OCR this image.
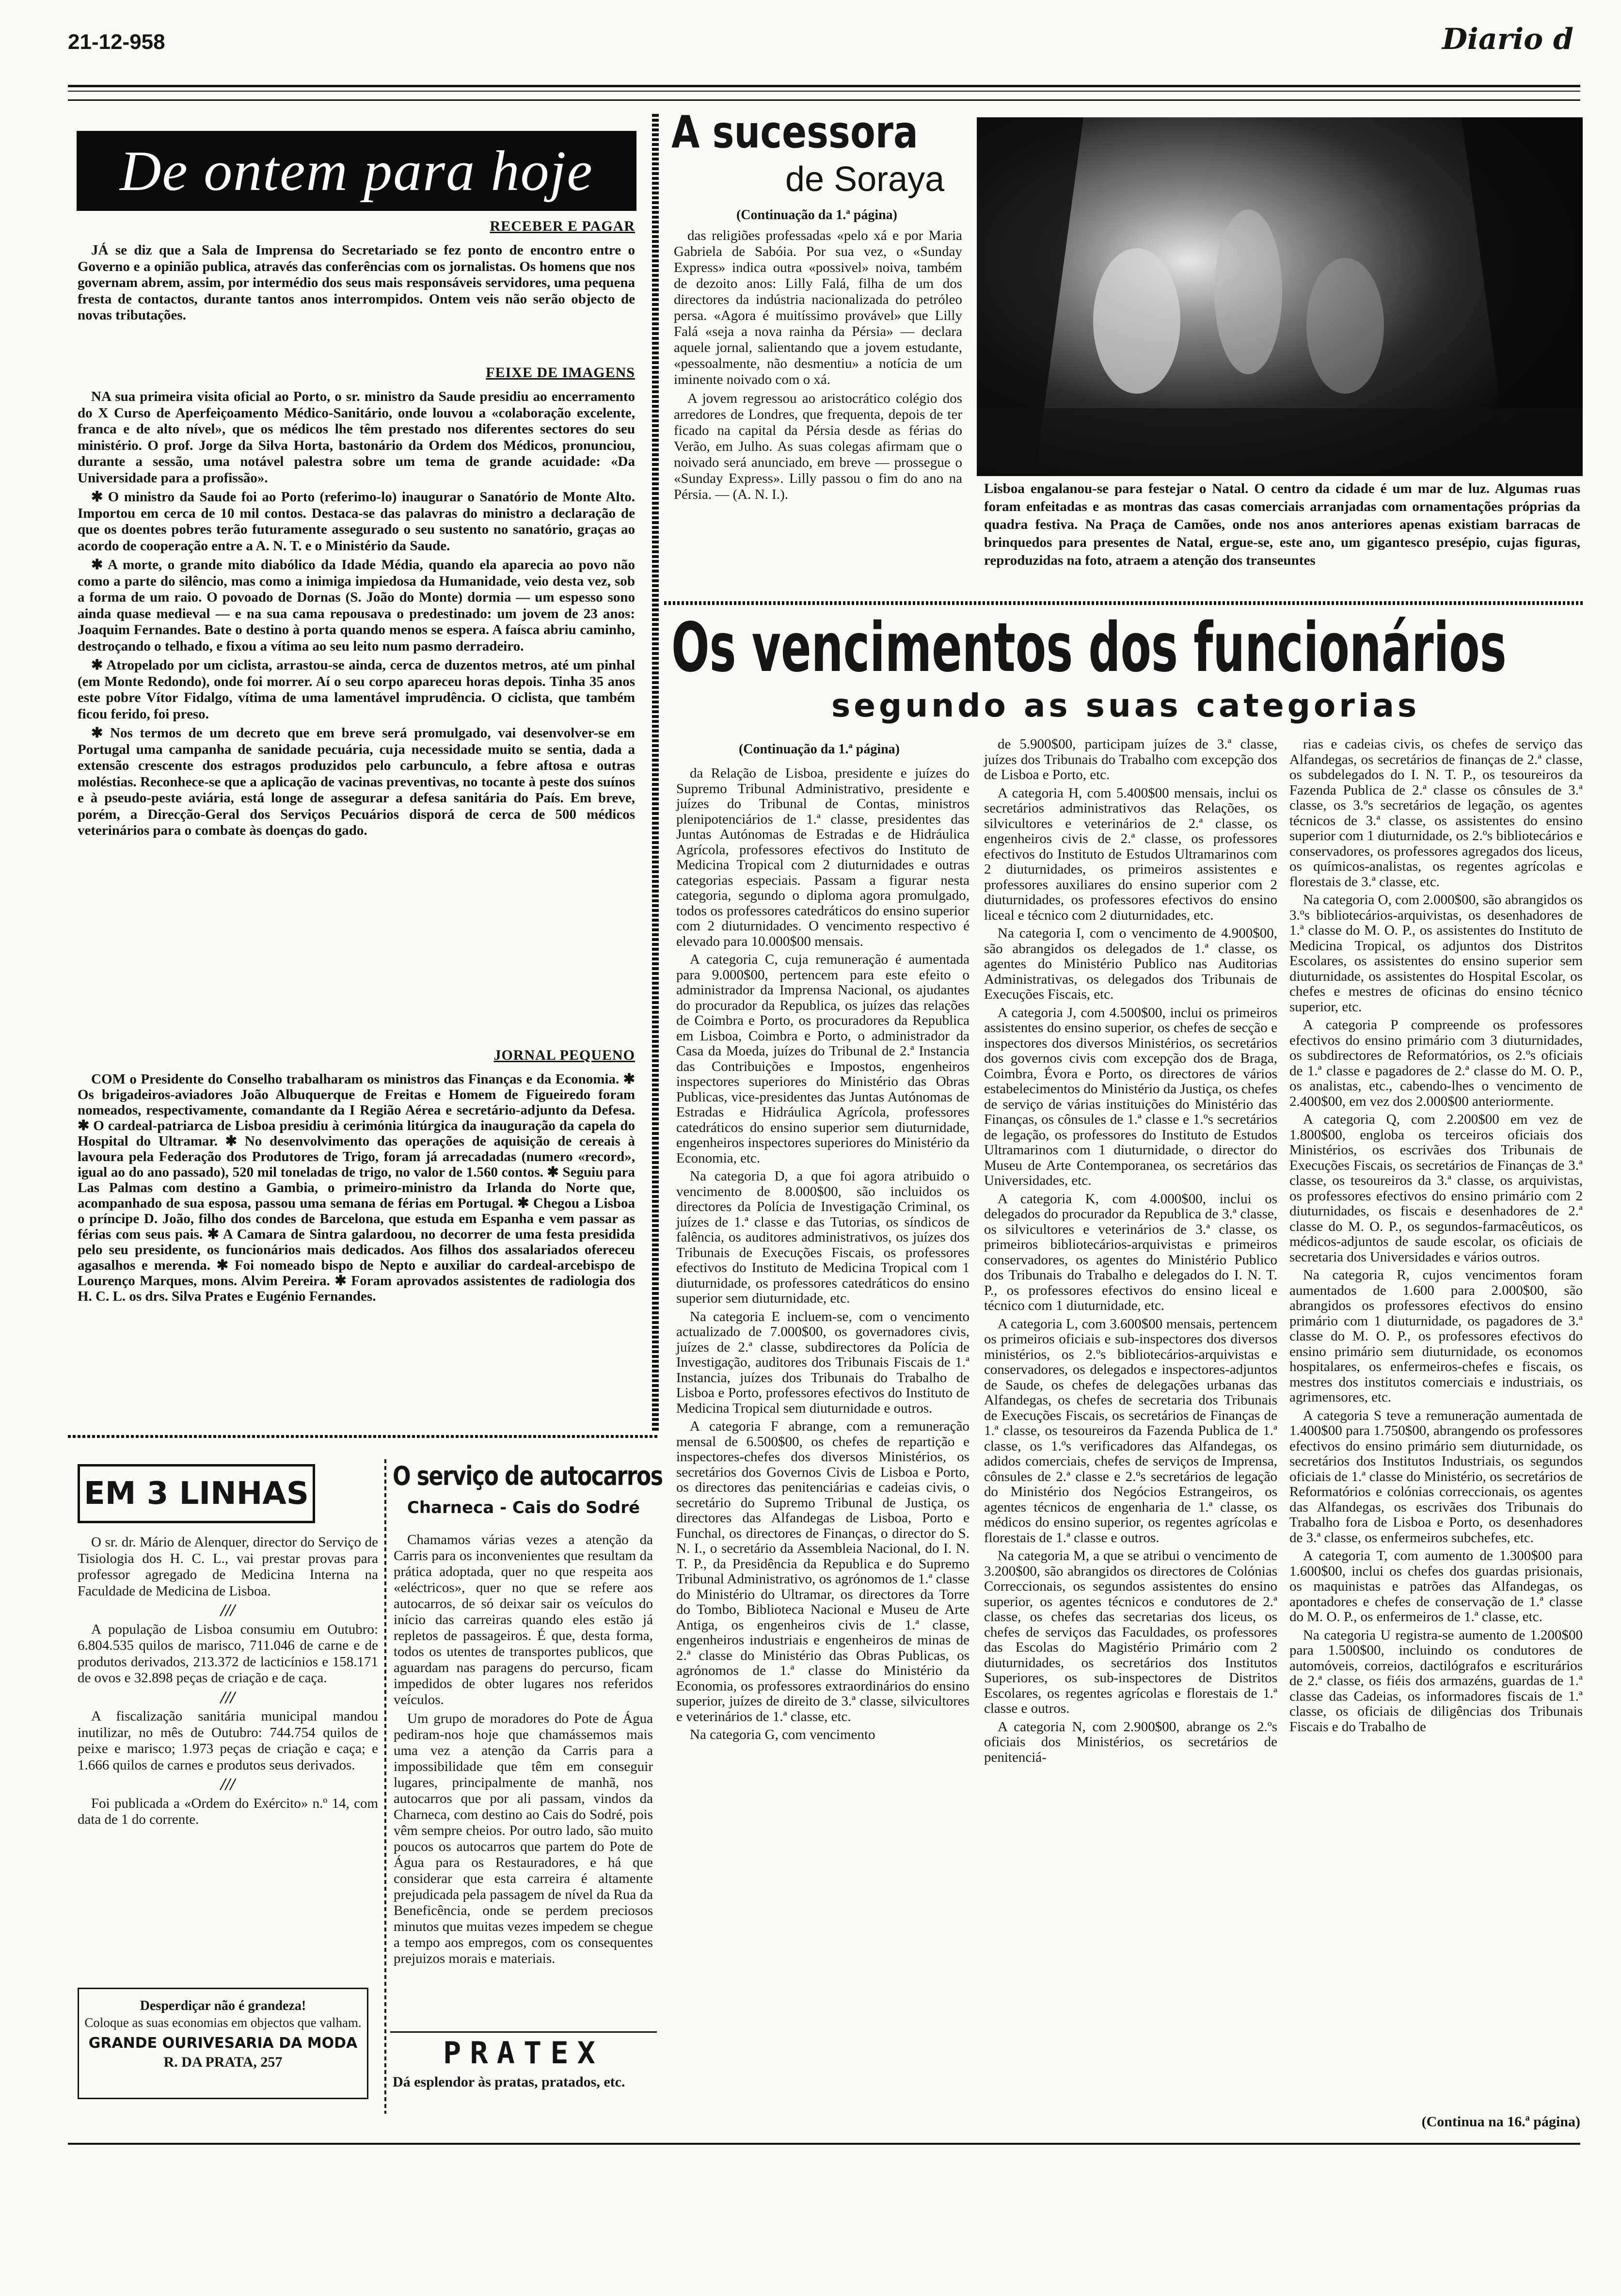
21-12-958	Diario d
De ontem para hoje
RECEBER E PAGAR

JÁ se diz que a Sala de Imprensa do Secretariado se fez ponto de encontro entre o Governo e a opinião publica, através das conferências com os jornalistas. Os homens que nos governam abrem, assim, por intermédio dos seus mais responsáveis servidores, uma pequena fresta de contactos, durante tantos anos interrompidos. Ontem veis não serão objecto de novas tributações.

FEIXE DE IMAGENS

NA sua primeira visita oficial ao Porto, o sr. ministro da Saude presidiu ao encerramento do X Curso de Aperfeiçoamento Médico-Sanitário, onde louvou a «colaboração excelente, franca e de alto nível», que os médicos lhe têm prestado nos diferentes sectores do seu ministério. O prof. Jorge da Silva Horta, bastonário da Ordem dos Médicos, pronunciou, durante a sessão, uma notável palestra sobre um tema de grande acuidade: «Da Universidade para a profissão».

✱ O ministro da Saude foi ao Porto (referimo-lo) inaugurar o Sanatório de Monte Alto. Importou em cerca de 10 mil contos. Destaca-se das palavras do ministro a declaração de que os doentes pobres terão futuramente assegurado o seu sustento no sanatório, graças ao acordo de cooperação entre a A. N. T. e o Ministério da Saude.

✱ A morte, o grande mito diabólico da Idade Média, quando ela aparecia ao povo não como a parte do silêncio, mas como a inimiga impiedosa da Humanidade, veio desta vez, sob a forma de um raio. O povoado de Dornas (S. João do Monte) dormia — um espesso sono ainda quase medieval — e na sua cama repousava o predestinado: um jovem de 23 anos: Joaquim Fernandes. Bate o destino à porta quando menos se espera. A faísca abriu caminho, destroçando o telhado, e fixou a vítima ao seu leito num pasmo derradeiro.

✱ Atropelado por um ciclista, arrastou-se ainda, cerca de duzentos metros, até um pinhal (em Monte Redondo), onde foi morrer. Aí o seu corpo apareceu horas depois. Tinha 35 anos este pobre Vítor Fidalgo, vítima de uma lamentável imprudência. O ciclista, que também ficou ferido, foi preso.

✱ Nos termos de um decreto que em breve será promulgado, vai desenvolver-se em Portugal uma campanha de sanidade pecuária, cuja necessidade muito se sentia, dada a extensão crescente dos estragos produzidos pelo carbunculo, a febre aftosa e outras moléstias. Reconhece-se que a aplicação de vacinas preventivas, no tocante à peste dos suínos e à pseudo-peste aviária, está longe de assegurar a defesa sanitária do País. Em breve, porém, a Direcção-Geral dos Serviços Pecuários disporá de cerca de 500 médicos veterinários para o combate às doenças do gado.

JORNAL PEQUENO

COM o Presidente do Conselho trabalharam os ministros das Finanças e da Economia. ✱ Os brigadeiros-aviadores João Albuquerque de Freitas e Homem de Figueiredo foram nomeados, respectivamente, comandante da I Região Aérea e secretário-adjunto da Defesa. ✱ O cardeal-patriarca de Lisboa presidiu à cerimónia litúrgica da inauguração da capela do Hospital do Ultramar. ✱ No desenvolvimento das operações de aquisição de cereais à lavoura pela Federação dos Produtores de Trigo, foram já arrecadadas (numero «record», igual ao do ano passado), 520 mil toneladas de trigo, no valor de 1.560 contos. ✱ Seguiu para Las Palmas com destino a Gambia, o primeiro-ministro da Irlanda do Norte que, acompanhado de sua esposa, passou uma semana de férias em Portugal. ✱ Chegou a Lisboa o príncipe D. João, filho dos condes de Barcelona, que estuda em Espanha e vem passar as férias com seus pais. ✱ A Camara de Sintra galardoou, no decorrer de uma festa presidida pelo seu presidente, os funcionários mais dedicados. Aos filhos dos assalariados ofereceu agasalhos e merenda. ✱ Foi nomeado bispo de Nepto e auxiliar do cardeal-arcebispo de Lourenço Marques, mons. Alvim Pereira. ✱ Foram aprovados assistentes de radiologia dos H. C. L. os drs. Silva Prates e Eugénio Fernandes.

EM 3 LINHAS

O sr. dr. Mário de Alenquer, director do Serviço de Tisiologia dos H. C. L., vai prestar provas para professor agregado de Medicina Interna na Faculdade de Medicina de Lisboa.

///

A população de Lisboa consumiu em Outubro: 6.804.535 quilos de marisco, 711.046 de carne e de produtos derivados, 213.372 de lacticínios e 158.171 de ovos e 32.898 peças de criação e de caça.

///

A fiscalização sanitária municipal mandou inutilizar, no mês de Outubro: 744.754 quilos de peixe e marisco; 1.973 peças de criação e caça; e 1.666 quilos de carnes e produtos seus derivados.

///

Foi publicada a «Ordem do Exército» n.º 14, com data de 1 do corrente.

Desperdiçar não é grandeza!
Coloque as suas economias em objectos que valham.
GRANDE OURIVESARIA DA MODA
R. DA PRATA, 257
O serviço de autocarros
Charneca - Cais do Sodré

Chamamos várias vezes a atenção da Carris para os inconvenientes que resultam da prática adoptada, quer no que respeita aos «eléctricos», quer no que se refere aos autocarros, de só deixar sair os veículos do início das carreiras quando eles estão já repletos de passageiros. É que, desta forma, todos os utentes de transportes publicos, que aguardam nas paragens do percurso, ficam impedidos de obter lugares nos referidos veículos.

Um grupo de moradores do Pote de Água pediram-nos hoje que chamássemos mais uma vez a atenção da Carris para a impossibilidade que têm em conseguir lugares, principalmente de manhã, nos autocarros que por ali passam, vindos da Charneca, com destino ao Cais do Sodré, pois vêm sempre cheios. Por outro lado, são muito poucos os autocarros que partem do Pote de Água para os Restauradores, e há que considerar que esta carreira é altamente prejudicada pela passagem de nível da Rua da Beneficência, onde se perdem preciosos minutos que muitas vezes impedem se chegue a tempo aos empregos, com os consequentes prejuizos morais e materiais.

PRATEX
Dá esplendor às pratas, pratados, etc.
A sucessora
de Soraya
(Continuação da 1.ª página)

das religiões professadas «pelo xá e por Maria Gabriela de Sabóia. Por sua vez, o «Sunday Express» indica outra «possivel» noiva, também de dezoito anos: Lilly Falá, filha de um dos directores da indústria nacionalizada do petróleo persa. «Agora é muitíssimo provável» que Lilly Falá «seja a nova rainha da Pérsia» — declara aquele jornal, salientando que a jovem estudante, «pessoalmente, não desmentiu» a notícia de um iminente noivado com o xá.

A jovem regressou ao aristocrático colégio dos arredores de Londres, que frequenta, depois de ter ficado na capital da Pérsia desde as férias do Verão, em Julho. As suas colegas afirmam que o noivado será anunciado, em breve — prossegue o «Sunday Express». Lilly passou o fim do ano na Pérsia. — (A. N. I.).	Lisboa engalanou-se para festejar o Natal. O centro da cidade é um mar de luz. Algumas ruas foram enfeitadas e as montras das casas comerciais arranjadas com ornamentações próprias da quadra festiva. Na Praça de Camões, onde nos anos anteriores apenas existiam barracas de brinquedos para presentes de Natal, ergue-se, este ano, um gigantesco presépio, cujas figuras, reproduzidas na foto, atraem a atenção dos transeuntes
Os vencimentos dos funcionários
segundo as suas categorias
(Continuação da 1.ª página)

da Relação de Lisboa, presidente e juízes do Supremo Tribunal Administrativo, presidente e juízes do Tribunal de Contas, ministros plenipotenciários de 1.ª classe, presidentes das Juntas Autónomas de Estradas e de Hidráulica Agrícola, professores efectivos do Instituto de Medicina Tropical com 2 diuturnidades e outras categorias especiais. Passam a figurar nesta categoria, segundo o diploma agora promulgado, todos os professores catedráticos do ensino superior com 2 diuturnidades. O vencimento respectivo é elevado para 10.000$00 mensais.

A categoria C, cuja remuneração é aumentada para 9.000$00, pertencem para este efeito o administrador da Imprensa Nacional, os ajudantes do procurador da Republica, os juízes das relações de Coimbra e Porto, os procuradores da Republica em Lisboa, Coimbra e Porto, o administrador da Casa da Moeda, juízes do Tribunal de 2.ª Instancia das Contribuições e Impostos, engenheiros inspectores superiores do Ministério das Obras Publicas, vice-presidentes das Juntas Autónomas de Estradas e Hidráulica Agrícola, professores catedráticos do ensino superior sem diuturnidade, engenheiros inspectores superiores do Ministério da Economia, etc.

Na categoria D, a que foi agora atribuido o vencimento de 8.000$00, são incluidos os directores da Polícia de Investigação Criminal, os juízes de 1.ª classe e das Tutorias, os síndicos de falência, os auditores administrativos, os juízes dos Tribunais de Execuções Fiscais, os professores efectivos do Instituto de Medicina Tropical com 1 diuturnidade, os professores catedráticos do ensino superior sem diuturnidade, etc.

Na categoria E incluem-se, com o vencimento actualizado de 7.000$00, os governadores civis, juízes de 2.ª classe, subdirectores da Polícia de Investigação, auditores dos Tribunais Fiscais de 1.ª Instancia, juízes dos Tribunais do Trabalho de Lisboa e Porto, professores efectivos do Instituto de Medicina Tropical sem diuturnidade e outros.

A categoria F abrange, com a remuneração mensal de 6.500$00, os chefes de repartição e inspectores-chefes dos diversos Ministérios, os secretários dos Governos Civis de Lisboa e Porto, os directores das penitenciárias e cadeias civis, o secretário do Supremo Tribunal de Justiça, os directores das Alfandegas de Lisboa, Porto e Funchal, os directores de Finanças, o director do S. N. I., o secretário da Assembleia Nacional, do I. N. T. P., da Presidência da Republica e do Supremo Tribunal Administrativo, os agrónomos de 1.ª classe do Ministério do Ultramar, os directores da Torre do Tombo, Biblioteca Nacional e Museu de Arte Antiga, os engenheiros civis de 1.ª classe, engenheiros industriais e engenheiros de minas de 2.ª classe do Ministério das Obras Publicas, os agrónomos de 1.ª classe do Ministério da Economia, os professores extraordinários do ensino superior, juízes de direito de 3.ª classe, silvicultores e veterinários de 1.ª classe, etc.

Na categoria G, com vencimento

de 5.900$00, participam juízes de 3.ª classe, juízes dos Tribunais do Trabalho com excepção dos de Lisboa e Porto, etc.

A categoria H, com 5.400$00 mensais, inclui os secretários administrativos das Relações, os silvicultores e veterinários de 2.ª classe, os engenheiros civis de 2.ª classe, os professores efectivos do Instituto de Estudos Ultramarinos com 2 diuturnidades, os primeiros assistentes e professores auxiliares do ensino superior com 2 diuturnidades, os professores efectivos do ensino liceal e técnico com 2 diuturnidades, etc.

Na categoria I, com o vencimento de 4.900$00, são abrangidos os delegados de 1.ª classe, os agentes do Ministério Publico nas Auditorias Administrativas, os delegados dos Tribunais de Execuções Fiscais, etc.

A categoria J, com 4.500$00, inclui os primeiros assistentes do ensino superior, os chefes de secção e inspectores dos diversos Ministérios, os secretários dos governos civis com excepção dos de Braga, Coimbra, Évora e Porto, os directores de vários estabelecimentos do Ministério da Justiça, os chefes de serviço de várias instituições do Ministério das Finanças, os cônsules de 1.ª classe e 1.ºs secretários de legação, os professores do Instituto de Estudos Ultramarinos com 1 diuturnidade, o director do Museu de Arte Contemporanea, os secretários das Universidades, etc.

A categoria K, com 4.000$00, inclui os delegados do procurador da Republica de 3.ª classe, os silvicultores e veterinários de 3.ª classe, os primeiros bibliotecários-arquivistas e primeiros conservadores, os agentes do Ministério Publico dos Tribunais do Trabalho e delegados do I. N. T. P., os professores efectivos do ensino liceal e técnico com 1 diuturnidade, etc.

A categoria L, com 3.600$00 mensais, pertencem os primeiros oficiais e sub-inspectores dos diversos ministérios, os 2.ºs bibliotecários-arquivistas e conservadores, os delegados e inspectores-adjuntos de Saude, os chefes de delegações urbanas das Alfandegas, os chefes de secretaria dos Tribunais de Execuções Fiscais, os secretários de Finanças de 1.ª classe, os tesoureiros da Fazenda Publica de 1.ª classe, os 1.ºs verificadores das Alfandegas, os adidos comerciais, chefes de serviços de Imprensa, cônsules de 2.ª classe e 2.ºs secretários de legação do Ministério dos Negócios Estrangeiros, os agentes técnicos de engenharia de 1.ª classe, os médicos do ensino superior, os regentes agrícolas e florestais de 1.ª classe e outros.

Na categoria M, a que se atribui o vencimento de 3.200$00, são abrangidos os directores de Colónias Correccionais, os segundos assistentes do ensino superior, os agentes técnicos e condutores de 2.ª classe, os chefes das secretarias dos liceus, os chefes de serviços das Faculdades, os professores das Escolas do Magistério Primário com 2 diuturnidades, os secretários dos Institutos Superiores, os sub-inspectores de Distritos Escolares, os regentes agrícolas e florestais de 1.ª classe e outros.

A categoria N, com 2.900$00, abrange os 2.ºs oficiais dos Ministérios, os secretários de penitenciá-

rias e cadeias civis, os chefes de serviço das Alfandegas, os secretários de finanças de 2.ª classe, os subdelegados do I. N. T. P., os tesoureiros da Fazenda Publica de 2.ª classe os cônsules de 3.ª classe, os 3.ºs secretários de legação, os agentes técnicos de 3.ª classe, os assistentes do ensino superior com 1 diuturnidade, os 2.ºs bibliotecários e conservadores, os professores agregados dos liceus, os químicos-analistas, os regentes agrícolas e florestais de 3.ª classe, etc.

Na categoria O, com 2.000$00, são abrangidos os 3.ºs bibliotecários-arquivistas, os desenhadores de 1.ª classe do M. O. P., os assistentes do Instituto de Medicina Tropical, os adjuntos dos Distritos Escolares, os assistentes do ensino superior sem diuturnidade, os assistentes do Hospital Escolar, os chefes e mestres de oficinas do ensino técnico superior, etc.

A categoria P compreende os professores efectivos do ensino primário com 3 diuturnidades, os subdirectores de Reformatórios, os 2.ºs oficiais de 1.ª classe e pagadores de 2.ª classe do M. O. P., os analistas, etc., cabendo-lhes o vencimento de 2.400$00, em vez dos 2.000$00 anteriormente.

A categoria Q, com 2.200$00 em vez de 1.800$00, engloba os terceiros oficiais dos Ministérios, os escrivães dos Tribunais de Execuções Fiscais, os secretários de Finanças de 3.ª classe, os tesoureiros da 3.ª classe, os arquivistas, os professores efectivos do ensino primário com 2 diuturnidades, os fiscais e desenhadores de 2.ª classe do M. O. P., os segundos-farmacêuticos, os médicos-adjuntos de saude escolar, os oficiais de secretaria dos Universidades e vários outros.

Na categoria R, cujos vencimentos foram aumentados de 1.600 para 2.000$00, são abrangidos os professores efectivos do ensino primário com 1 diuturnidade, os pagadores de 3.ª classe do M. O. P., os professores efectivos do ensino primário sem diuturnidade, os economos hospitalares, os enfermeiros-chefes e fiscais, os mestres dos institutos comerciais e industriais, os agrimensores, etc.

A categoria S teve a remuneração aumentada de 1.400$00 para 1.750$00, abrangendo os professores efectivos do ensino primário sem diuturnidade, os secretários dos Institutos Industriais, os segundos oficiais de 1.ª classe do Ministério, os secretários de Reformatórios e colónias correccionais, os agentes das Alfandegas, os escrivães dos Tribunais do Trabalho fora de Lisboa e Porto, os desenhadores de 3.ª classe, os enfermeiros subchefes, etc.

A categoria T, com aumento de 1.300$00 para 1.600$00, inclui os chefes dos guardas prisionais, os maquinistas e patrões das Alfandegas, os apontadores e chefes de conservação de 1.ª classe do M. O. P., os enfermeiros de 1.ª classe, etc.

Na categoria U registra-se aumento de 1.200$00 para 1.500$00, incluindo os condutores de automóveis, correios, dactilógrafos e escriturários de 2.ª classe, os fiéis dos armazéns, guardas de 1.ª classe das Cadeias, os informadores fiscais de 1.ª classe, os oficiais de diligências dos Tribunais Fiscais e do Trabalho de

(Continua na 16.ª página)
